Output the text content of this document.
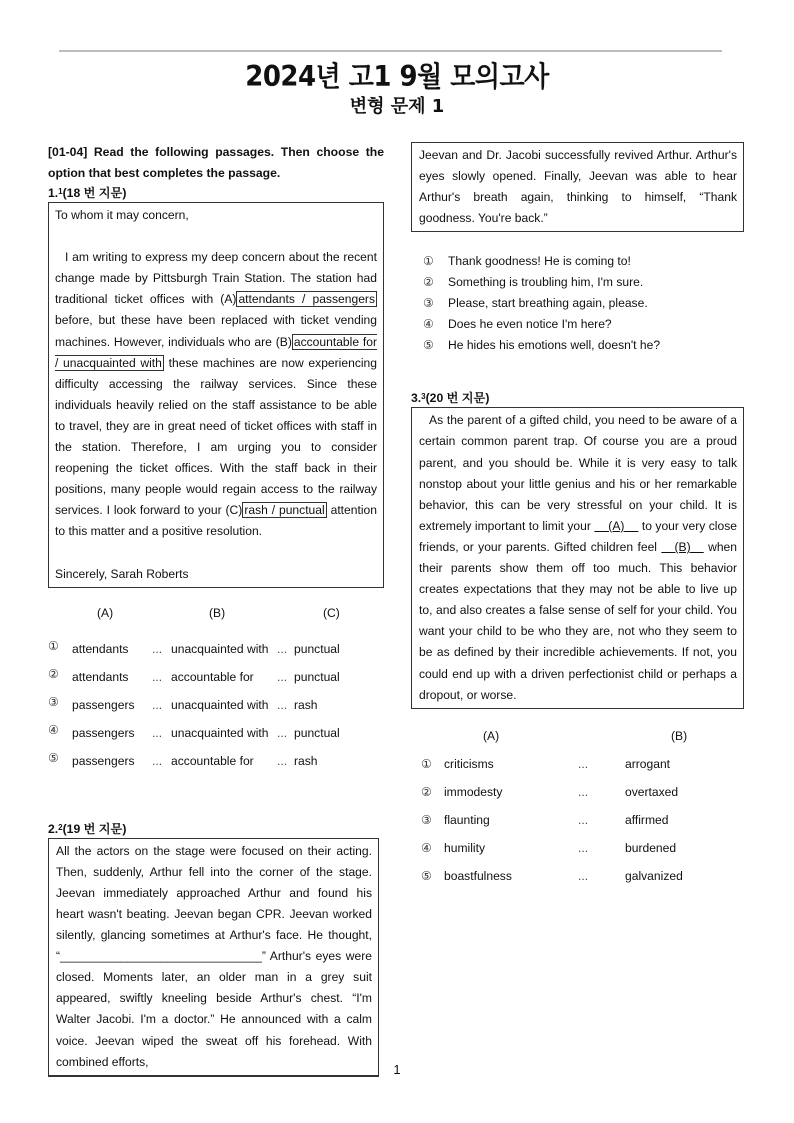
2024년 고1 9월 모의고사
변형 문제 1
[01-04] Read the following passages. Then choose the option that best completes the passage.
1.$^1$(18 번 지문)

To whom it may concern,

I am writing to express my deep concern about the recent change made by Pittsburgh Train Station. The station had traditional ticket offices with (A) attendants / passengers before, but these have been replaced with ticket vending machines. However, individuals who are (B) accountable for / unacquainted with these machines are now experiencing difficulty accessing the railway services. Since these individuals heavily relied on the staff assistance to be able to travel, they are in great need of ticket offices with staff in the station. Therefore, I am urging you to consider reopening the ticket offices. With the staff back in their positions, many people would regain access to the railway services. I look forward to your (C) rash / punctual attention to this matter and a positive resolution.

Sincerely, Sarah Roberts

(A)	(B)	(C)
① attendants ... unacquainted with ... punctual
② attendants ... accountable for ... punctual
③ passengers ... unacquainted with ... rash
④ passengers ... unacquainted with ... punctual
⑤ passengers ... accountable for ... rash
2.$^2$(19 번 지문)

All the actors on the stage were focused on their acting. Then, suddenly, Arthur fell into the corner of the stage. Jeevan immediately approached Arthur and found his heart wasn't beating. Jeevan began CPR. Jeevan worked silently, glancing sometimes at Arthur's face. He thought, “______________________________” Arthur's eyes were closed. Moments later, an older man in a grey suit appeared, swiftly kneeling beside Arthur's chest. “I'm Walter Jacobi. I'm a doctor.” He announced with a calm voice. Jeevan wiped the sweat off his forehead. With combined efforts,

Jeevan and Dr. Jacobi successfully revived Arthur. Arthur's eyes slowly opened. Finally, Jeevan was able to hear Arthur's breath again, thinking to himself, “Thank goodness. You're back.”

① Thank goodness! He is coming to!
② Something is troubling him, I'm sure.
③ Please, start breathing again, please.
④ Does he even notice I'm here?
⑤ He hides his emotions well, doesn't he?
3.$^3$(20 번 지문)

As the parent of a gifted child, you need to be aware of a certain common parent trap. Of course you are a proud parent, and you should be. While it is very easy to talk nonstop about your little genius and his or her remarkable behavior, this can be very stressful on your child. It is extremely important to limit your     (A)     to your very close friends, or your parents. Gifted children feel    (B)    when their parents show them off too much. This behavior creates expectations that they may not be able to live up to, and also creates a false sense of self for your child. You want your child to be who they are, not who they seem to be as defined by their incredible achievements. If not, you could end up with a driven perfectionist child or perhaps a dropout, or worse.

(A)	(B)
① criticisms	...	arrogant
② immodesty	...	overtaxed
③ flaunting	...	affirmed
④ humility	...	burdened
⑤ boastfulness	...	galvanized
1
